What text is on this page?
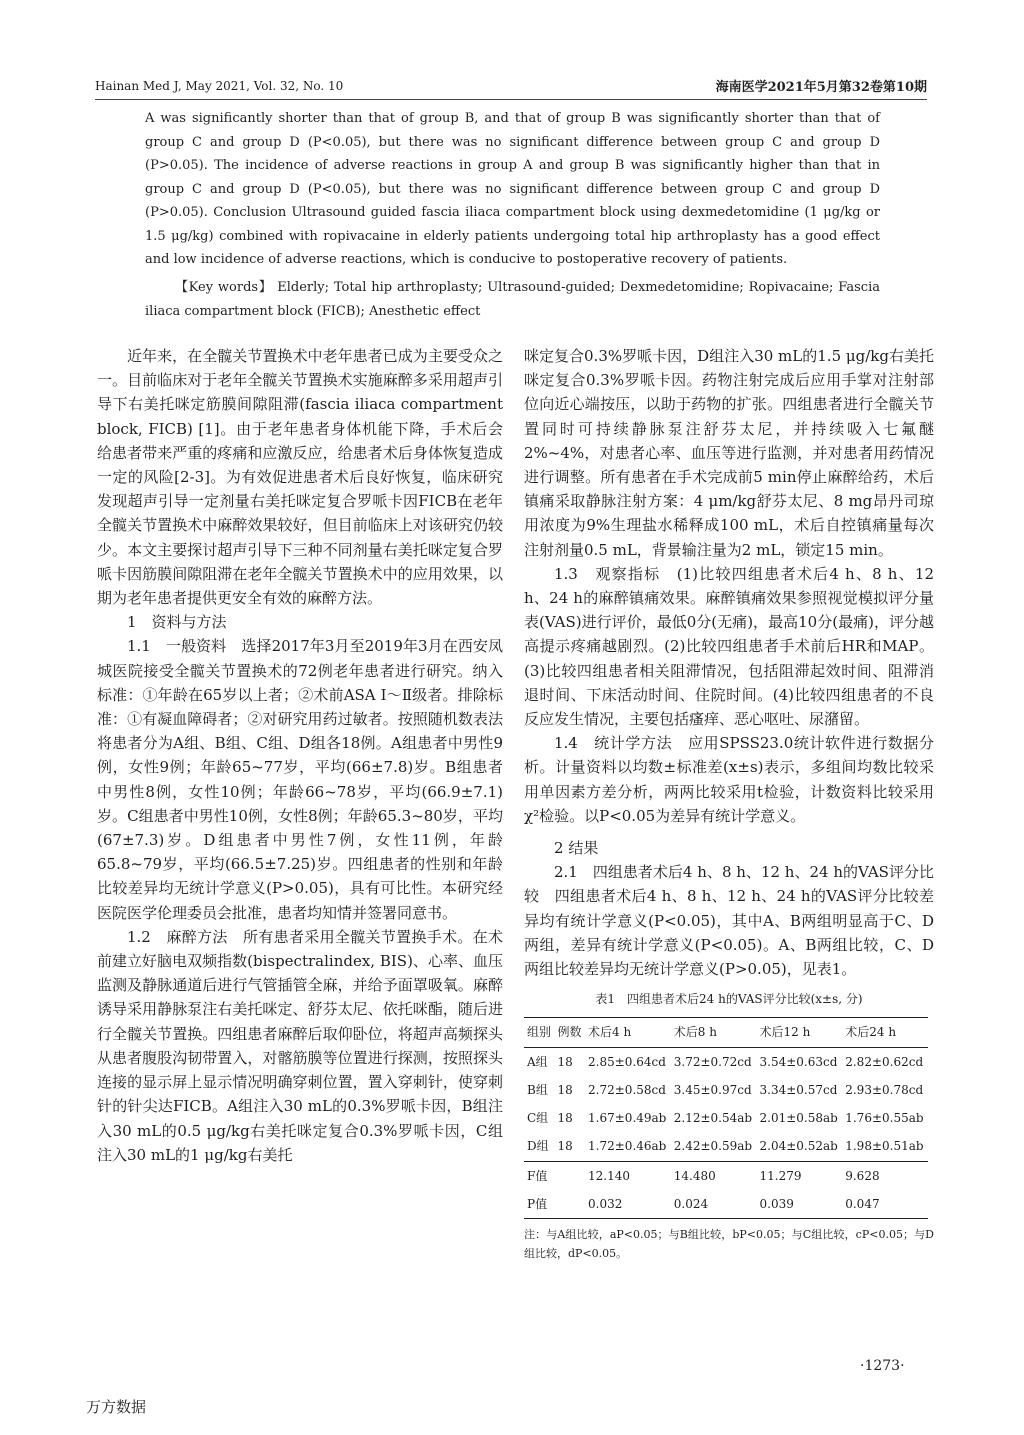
Hainan Med J, May 2021, Vol. 32, No. 10	海南医学2021年5月第32卷第10期

A was significantly shorter than that of group B, and that of group B was significantly shorter than that of group C and group D (P<0.05), but there was no significant difference between group C and group D (P>0.05). The incidence of adverse reactions in group A and group B was significantly higher than that in group C and group D (P<0.05), but there was no significant difference between group C and group D (P>0.05). Conclusion Ultrasound guided fascia iliaca compartment block using dexmedetomidine (1 μg/kg or 1.5 μg/kg) combined with ropivacaine in elderly patients undergoing total hip arthroplasty has a good effect and low incidence of adverse reactions, which is conducive to postoperative recovery of patients.

【Key words】 Elderly; Total hip arthroplasty; Ultrasound-guided; Dexmedetomidine; Ropivacaine; Fascia iliaca compartment block (FICB); Anesthetic effect

近年来，在全髋关节置换术中老年患者已成为主要受众之一。目前临床对于老年全髋关节置换术实施麻醉多采用超声引导下右美托咪定筋膜间隙阻滞(fascia iliaca compartment block, FICB) [1]。由于老年患者身体机能下降，手术后会给患者带来严重的疼痛和应激反应，给患者术后身体恢复造成一定的风险[2-3]。为有效促进患者术后良好恢复，临床研究发现超声引导一定剂量右美托咪定复合罗哌卡因FICB在老年全髋关节置换术中麻醉效果较好，但目前临床上对该研究仍较少。本文主要探讨超声引导下三种不同剂量右美托咪定复合罗哌卡因筋膜间隙阻滞在老年全髋关节置换术中的应用效果，以期为老年患者提供更安全有效的麻醉方法。

1　资料与方法

1.1　一般资料　选择2017年3月至2019年3月在西安凤城医院接受全髋关节置换术的72例老年患者进行研究。纳入标准：①年龄在65岁以上者；②术前ASA Ⅰ～Ⅱ级者。排除标准：①有凝血障碍者；②对研究用药过敏者。按照随机数表法将患者分为A组、B组、C组、D组各18例。A组患者中男性9例，女性9例；年龄65~77岁，平均(66±7.8)岁。B组患者中男性8例，女性10例；年龄66~78岁，平均(66.9±7.1)岁。C组患者中男性10例，女性8例；年龄65.3~80岁，平均(67±7.3)岁。D组患者中男性7例，女性11例，年龄65.8~79岁，平均(66.5±7.25)岁。四组患者的性别和年龄比较差异均无统计学意义(P>0.05)，具有可比性。本研究经医院医学伦理委员会批准，患者均知情并签署同意书。

1.2　麻醉方法　所有患者采用全髋关节置换手术。在术前建立好脑电双频指数(bispectralindex, BIS)、心率、血压监测及静脉通道后进行气管插管全麻，并给予面罩吸氧。麻醉诱导采用静脉泵注右美托咪定、舒芬太尼、依托咪酯，随后进行全髋关节置换。四组患者麻醉后取仰卧位，将超声高频探头从患者腹股沟韧带置入，对髂筋膜等位置进行探测，按照探头连接的显示屏上显示情况明确穿刺位置，置入穿刺针，使穿刺针的针尖达FICB。A组注入30 mL的0.3%罗哌卡因，B组注入30 mL的0.5 μg/kg右美托咪定复合0.3%罗哌卡因，C组注入30 mL的1 μg/kg右美托

咪定复合0.3%罗哌卡因，D组注入30 mL的1.5 μg/kg右美托咪定复合0.3%罗哌卡因。药物注射完成后应用手掌对注射部位向近心端按压，以助于药物的扩张。四组患者进行全髋关节置同时可持续静脉泵注舒芬太尼，并持续吸入七氟醚2%~4%，对患者心率、血压等进行监测，并对患者用药情况进行调整。所有患者在手术完成前5 min停止麻醉给药，术后镇痛采取静脉注射方案：4 μm/kg舒芬太尼、8 mg昂丹司琼用浓度为9%生理盐水稀释成100 mL，术后自控镇痛量每次注射剂量0.5 mL，背景输注量为2 mL，锁定15 min。

1.3　观察指标　(1)比较四组患者术后4 h、8 h、12 h、24 h的麻醉镇痛效果。麻醉镇痛效果参照视觉模拟评分量表(VAS)进行评价，最低0分(无痛)，最高10分(最痛)，评分越高提示疼痛越剧烈。(2)比较四组患者手术前后HR和MAP。(3)比较四组患者相关阻滞情况，包括阻滞起效时间、阻滞消退时间、下床活动时间、住院时间。(4)比较四组患者的不良反应发生情况，主要包括瘙痒、恶心呕吐、尿潴留。

1.4　统计学方法　应用SPSS23.0统计软件进行数据分析。计量资料以均数±标准差(x±s)表示，多组间均数比较采用单因素方差分析，两两比较采用t检验，计数资料比较采用χ²检验。以P<0.05为差异有统计学意义。

2 结果

2.1　四组患者术后4 h、8 h、12 h、24 h的VAS评分比较　四组患者术后4 h、8 h、12 h、24 h的VAS评分比较差异均有统计学意义(P<0.05)，其中A、B两组明显高于C、D两组，差异有统计学意义(P<0.05)。A、B两组比较，C、D两组比较差异均无统计学意义(P>0.05)，见表1。

表1　四组患者术后24 h的VAS评分比较(x±s, 分)
组别	例数	术后4 h	术后8 h	术后12 h	术后24 h
A组	18	2.85±0.64cd	3.72±0.72cd	3.54±0.63cd	2.82±0.62cd
B组	18	2.72±0.58cd	3.45±0.97cd	3.34±0.57cd	2.93±0.78cd
C组	18	1.67±0.49ab	2.12±0.54ab	2.01±0.58ab	1.76±0.55ab
D组	18	1.72±0.46ab	2.42±0.59ab	2.04±0.52ab	1.98±0.51ab
F值		12.140	14.480	11.279	9.628
P值		0.032	0.024	0.039	0.047
注：与A组比较，aP<0.05；与B组比较，bP<0.05；与C组比较，cP<0.05；与D组比较，dP<0.05。
·1273·
万方数据
